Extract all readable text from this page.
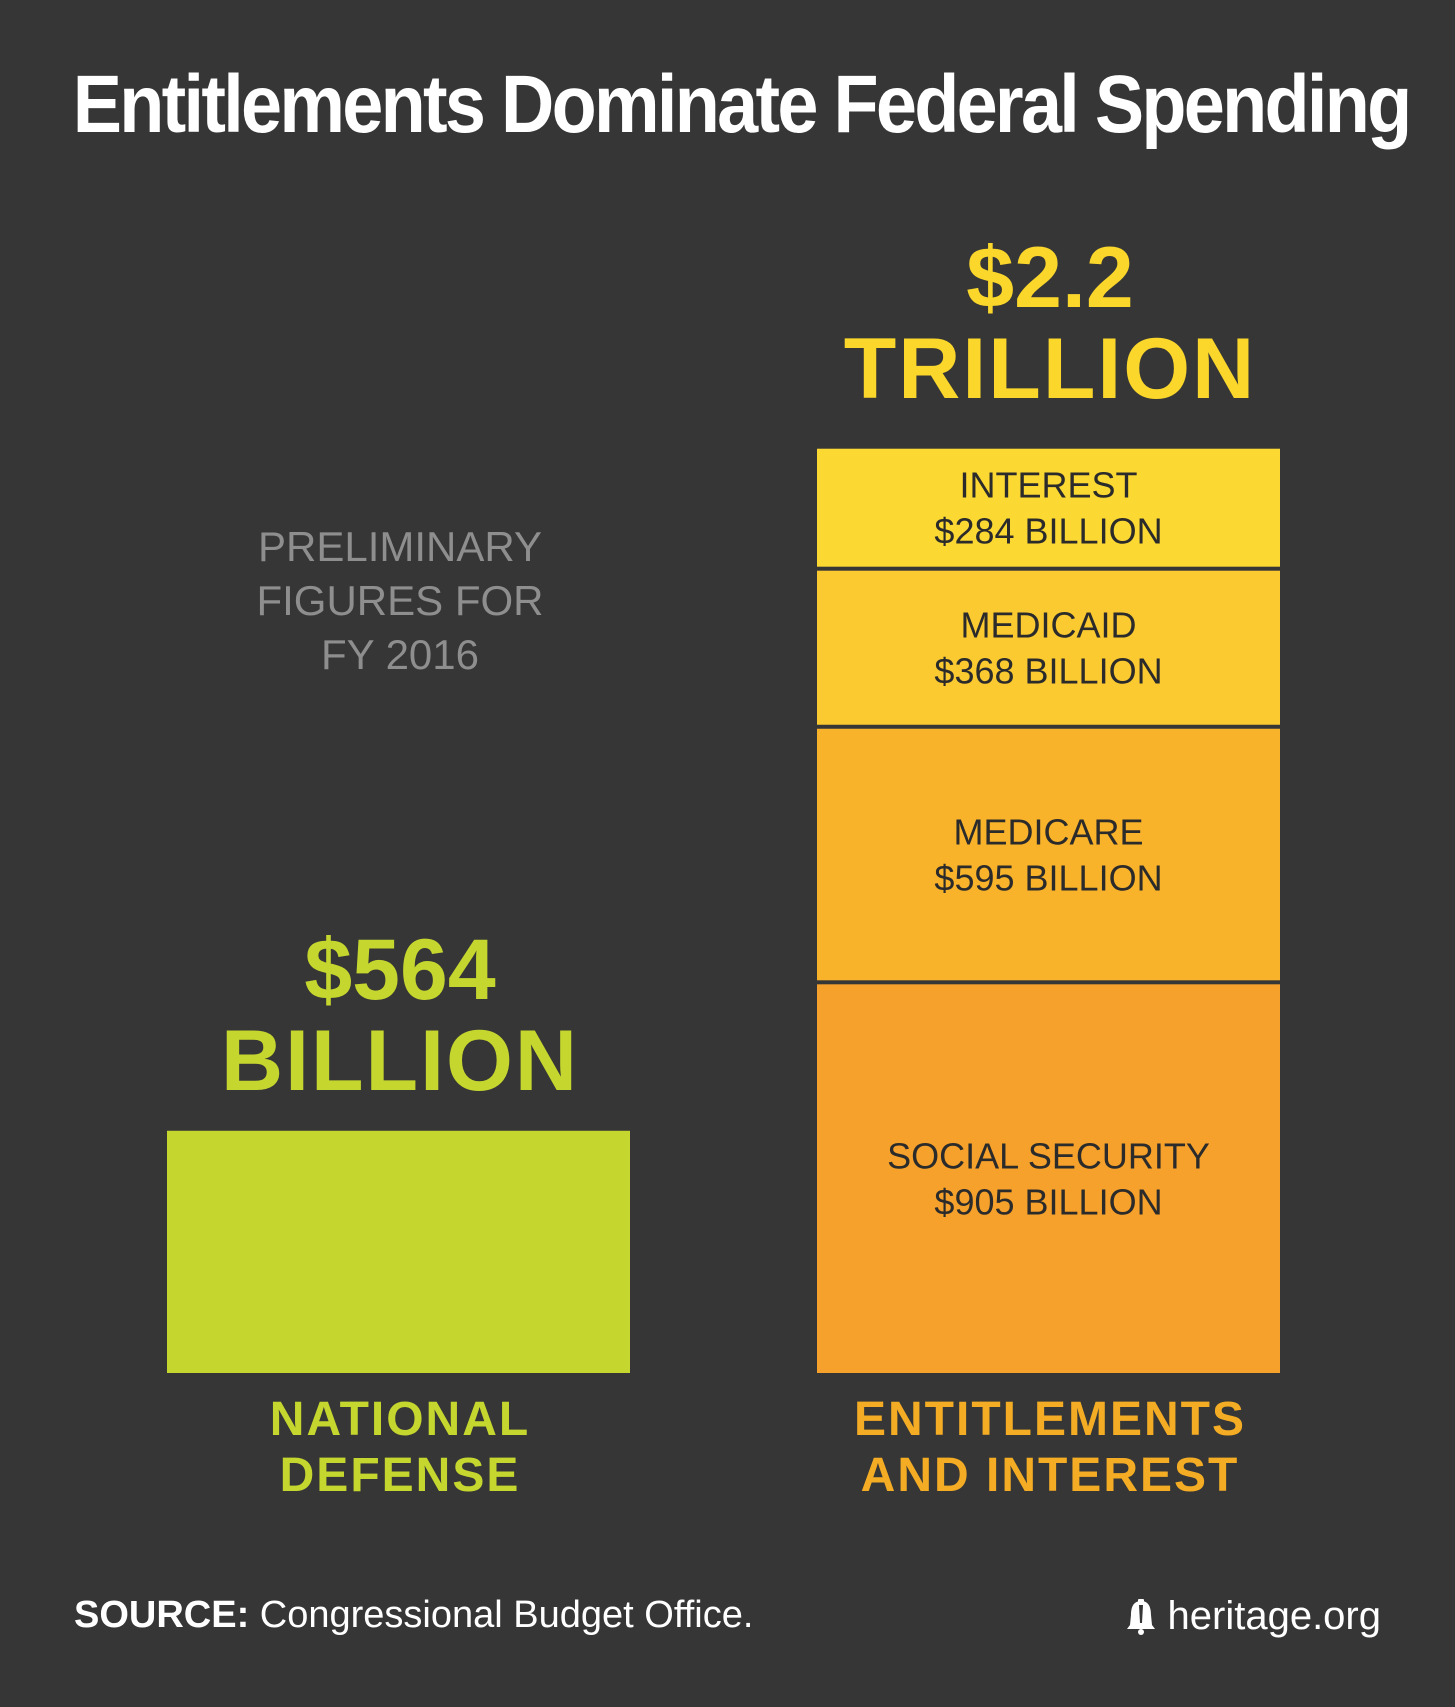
Entitlements Dominate Federal Spending
PRELIMINARY
FIGURES FOR
FY 2016
$564
BILLION
$2.2
TRILLION
SOCIAL SECURITY
$905 BILLION
MEDICARE
$595 BILLION
MEDICAID
$368 BILLION
INTEREST
$284 BILLION
NATIONAL
DEFENSE
ENTITLEMENTS
AND INTEREST
SOURCE: Congressional Budget Office.	heritage.org
